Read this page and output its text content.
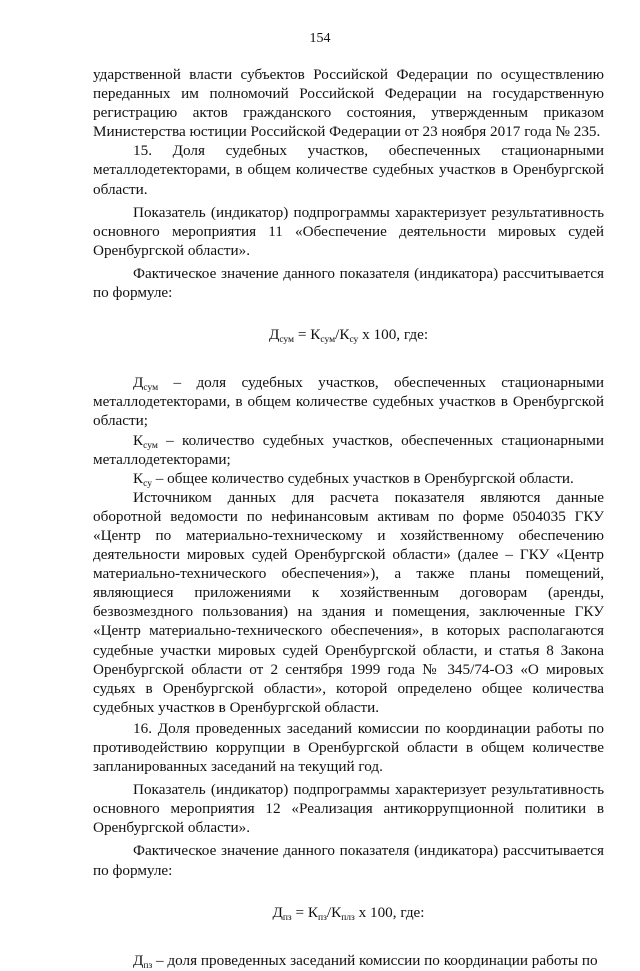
154

ударственной власти субъектов Российской Федерации по осуществлению переданных им полномочий Российской Федерации на государственную регистрацию актов гражданского состояния, утвержденным приказом Министерства юстиции Российской Федерации от 23 ноября 2017 года № 235.

15. Доля судебных участков, обеспеченных стационарными металлодетекторами, в общем количестве судебных участков в Оренбургской области.

Показатель (индикатор) подпрограммы характеризует результативность основного мероприятия 11 «Обеспечение деятельности мировых судей Оренбургской области».

Фактическое значение данного показателя (индикатора) рассчитывается по формуле:

$Д_{сум} = К_{сум}/К_{су}$ х 100, где:

$Д_{сум}$ – доля судебных участков, обеспеченных стационарными металлодетекторами, в общем количестве судебных участков в Оренбургской области;

$К_{сум}$ – количество судебных участков, обеспеченных стационарными металлодетекторами;

$К_{су}$ – общее количество судебных участков в Оренбургской области.

Источником данных для расчета показателя являются данные оборотной ведомости по нефинансовым активам по форме 0504035 ГКУ «Центр по материально-техническому и хозяйственному обеспечению деятельности мировых судей Оренбургской области» (далее – ГКУ «Центр материально-технического обеспечения»), а также планы помещений, являющиеся приложениями к хозяйственным договорам (аренды, безвозмездного пользования) на здания и помещения, заключенные ГКУ «Центр материально-технического обеспечения», в которых располагаются судебные участки мировых судей Оренбургской области, и статья 8 Закона Оренбургской области от 2 сентября 1999 года № 345/74-ОЗ «О мировых судьях в Оренбургской области», которой определено общее количества судебных участков в Оренбургской области.

16. Доля проведенных заседаний комиссии по координации работы по противодействию коррупции в Оренбургской области в общем количестве запланированных заседаний на текущий год.

Показатель (индикатор) подпрограммы характеризует результативность основного мероприятия 12 «Реализация антикоррупционной политики в Оренбургской области».

Фактическое значение данного показателя (индикатора) рассчитывается по формуле:

$Д_{пз} = К_{пз}/К_{плз}$ х 100, где:

$Д_{пз}$ – доля проведенных заседаний комиссии по координации работы по
